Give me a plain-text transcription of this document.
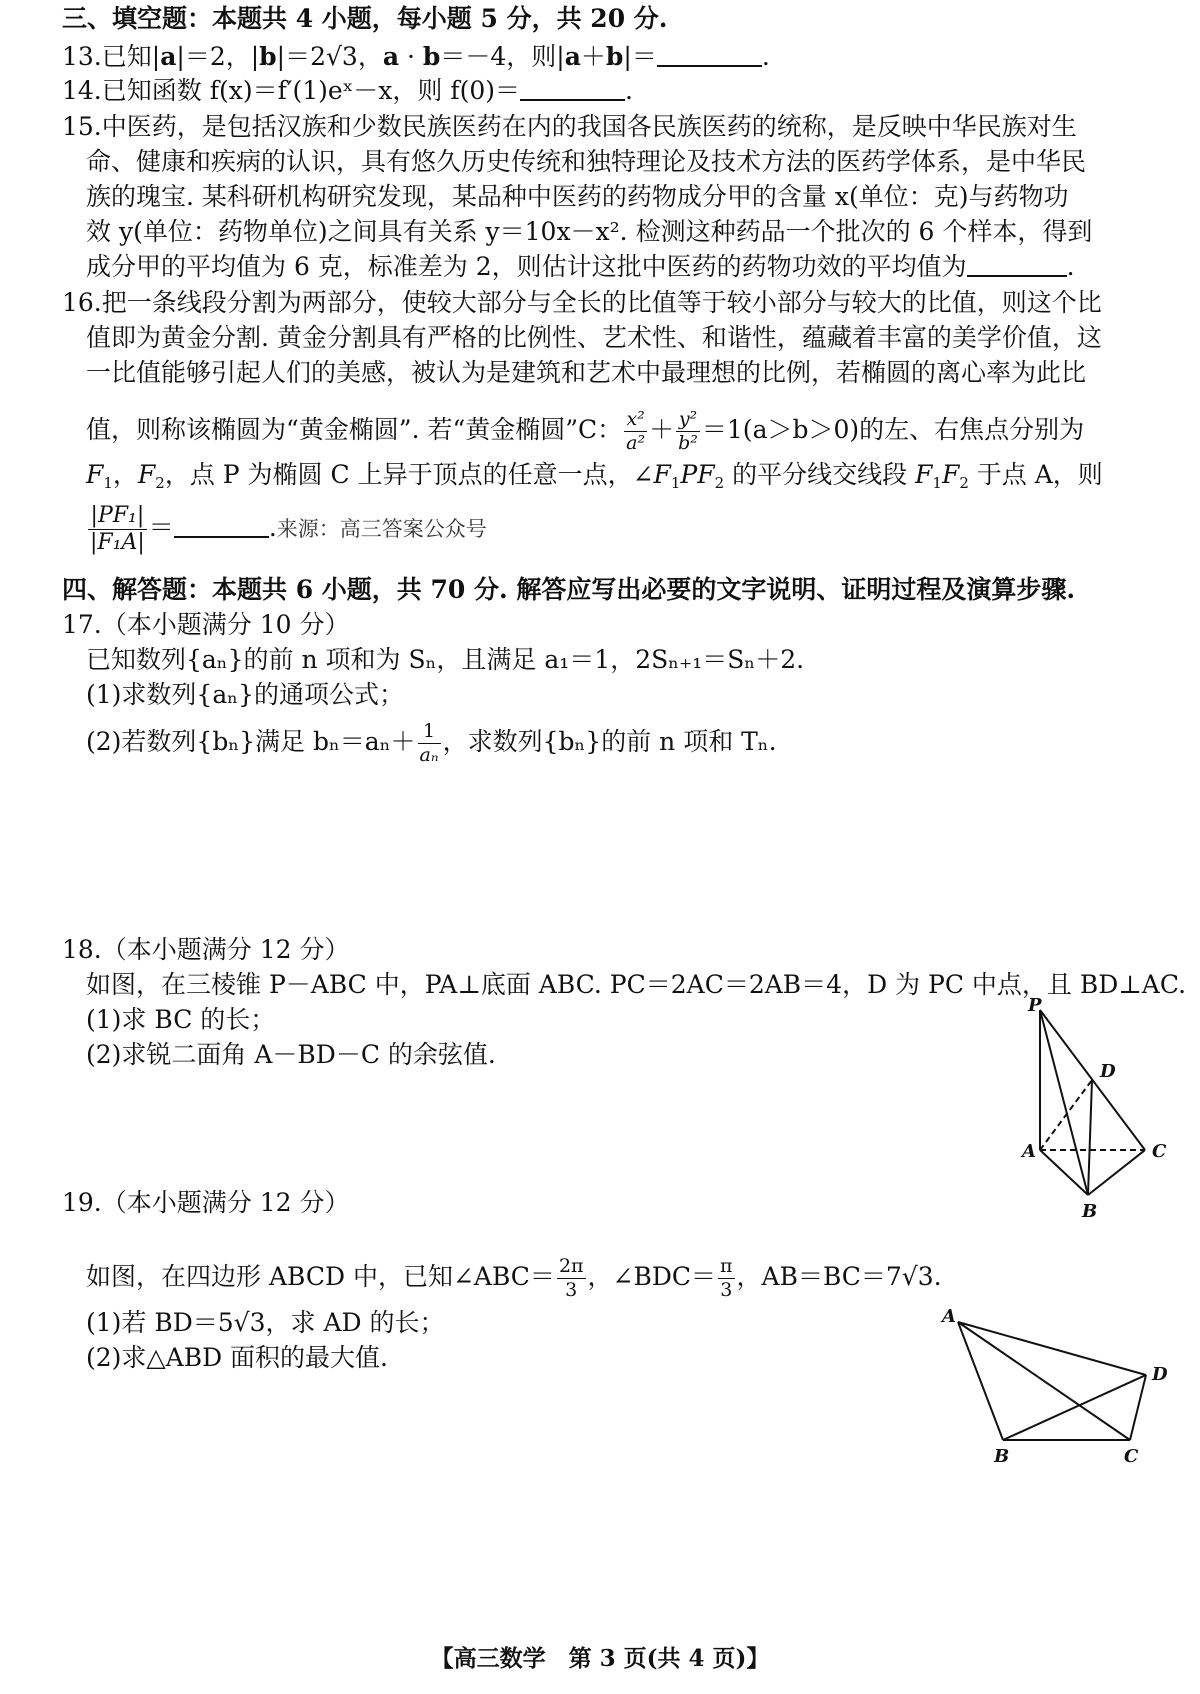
三、填空题：本题共 4 小题，每小题 5 分，共 20 分.
13.已知|a|＝2，|b|＝2√3，a · b＝－4，则|a＋b|＝	.
14.已知函数 f(x)＝f′(1)eˣ－x，则 f(0)＝	.
15.中医药，是包括汉族和少数民族医药在内的我国各民族医药的统称，是反映中华民族对生
命、健康和疾病的认识，具有悠久历史传统和独特理论及技术方法的医药学体系，是中华民
族的瑰宝. 某科研机构研究发现，某品种中医药的药物成分甲的含量 x(单位：克)与药物功
效 y(单位：药物单位)之间具有关系 y＝10x－x². 检测这种药品一个批次的 6 个样本，得到
成分甲的平均值为 6 克，标准差为 2，则估计这批中医药的药物功效的平均值为	.
16.把一条线段分割为两部分，使较大部分与全长的比值等于较小部分与较大的比值，则这个比
值即为黄金分割. 黄金分割具有严格的比例性、艺术性、和谐性，蕴藏着丰富的美学价值，这
一比值能够引起人们的美感，被认为是建筑和艺术中最理想的比例，若椭圆的离心率为此比
值，则称该椭圆为“黄金椭圆”. 若“黄金椭圆”C： $\frac{\text{x²}}{\text{a²}} + \frac{\text{y²}}{\text{b²}} =1(a>b>0)$的左、右焦点分别为
$F_1$，$F_2$，点 P 为椭圆 C 上异于顶点的任意一点，$\angle F_1PF_2$ 的平分线交线段 $F_1F_2$ 于点 A，则
$\frac{\text{|PF₁|}}{\text{|F₁A|}}$ ＝	.来源：高三答案公众号
四、解答题：本题共 6 小题，共 70 分. 解答应写出必要的文字说明、证明过程及演算步骤.
17.（本小题满分 10 分）
已知数列{aₙ}的前 n 项和为 Sₙ，且满足 a₁＝1，2Sₙ₊₁＝Sₙ＋2.
(1)求数列{aₙ}的通项公式；
(2)若数列{bₙ}满足 $b_n=a_n+ \frac{1}{\text{aₙ}}$ ，求数列{bₙ}的前 n 项和 Tₙ.
18.（本小题满分 12 分）
如图，在三棱锥 P－ABC 中，PA⊥底面 ABC. PC＝2AC＝2AB＝4，D 为 PC 中点，且 BD⊥AC.
(1)求 BC 的长；
(2)求锐二面角 A－BD－C 的余弦值.
P
D
A	C
B
19.（本小题满分 12 分）
如图，在四边形 ABCD 中，已知∠ABC＝ $\frac{2\pi}{3}$ ，∠BDC＝ $\frac{\pi}{3}$ ，AB＝BC＝7√3.
(1)若 BD＝5√3，求 AD 的长；
(2)求△ABD 面积的最大值.
A
D
B	C
【高三数学　第 3 页(共 4 页)】
